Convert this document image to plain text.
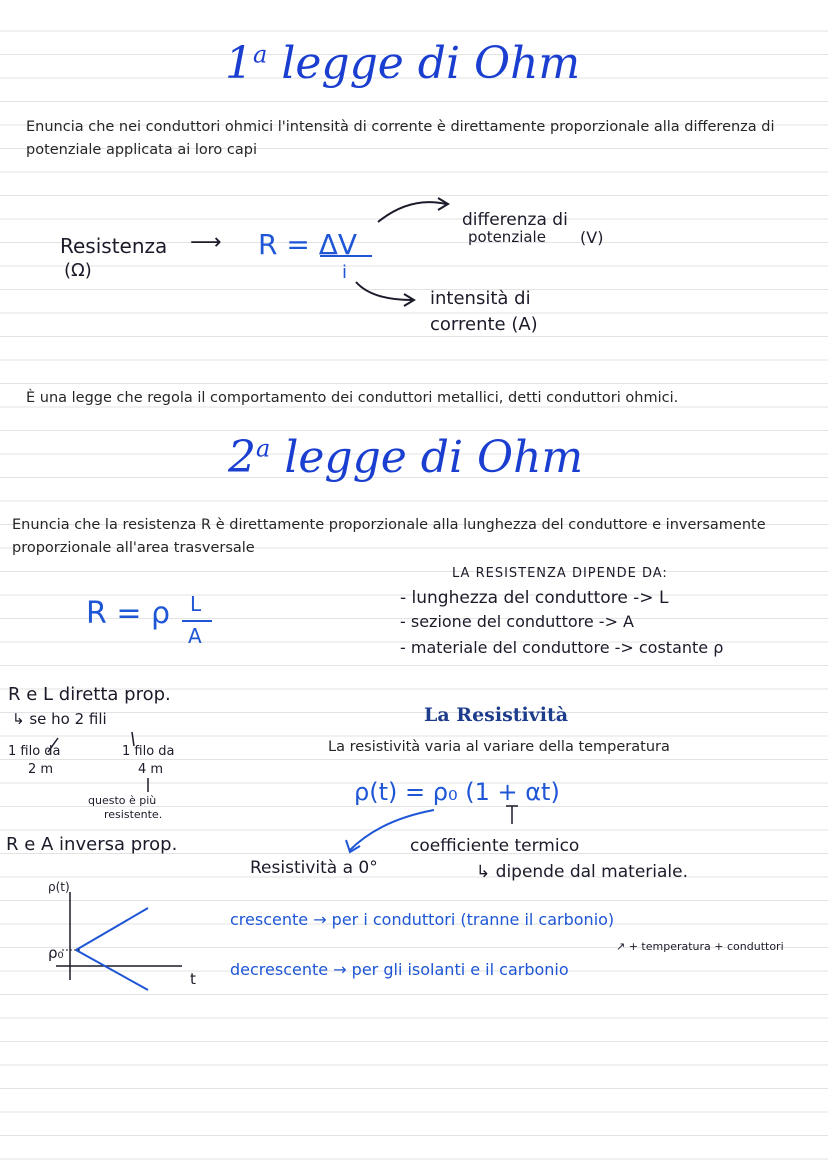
1$^a$ legge di Ohm
Enuncia che nei conduttori ohmici l'intensità di corrente è direttamente proporzionale alla differenza di potenziale applicata ai loro capi
Resistenza
(Ω)
⟶ R = ΔV
i
differenza di
potenziale (V)
intensità di
corrente (A)
È una legge che regola il comportamento dei conduttori metallici, detti conduttori ohmici.
2$^a$ legge di Ohm
Enuncia che la resistenza R è direttamente proporzionale alla lunghezza del conduttore e inversamente proporzionale all'area trasversale
R = ρ L
A
LA RESISTENZA DIPENDE DA:
- lunghezza del conduttore -> L
- sezione del conduttore -> A
- materiale del conduttore -> costante ρ
R e L diretta prop.
↳ se ho 2 fili
1 filo da
2 m
1 filo da
4 m
questo è più
resistente.
R e A inversa prop.
ρ(t)
ρ₀
t
La Resistività
La resistività varia al variare della temperatura
ρ(t) = ρ₀ (1 + αt)
Resistività a 0°
coefficiente termico
↳ dipende dal materiale.
crescente → per i conduttori (tranne il carbonio)
↗ + temperatura + conduttori
decrescente → per gli isolanti e il carbonio
